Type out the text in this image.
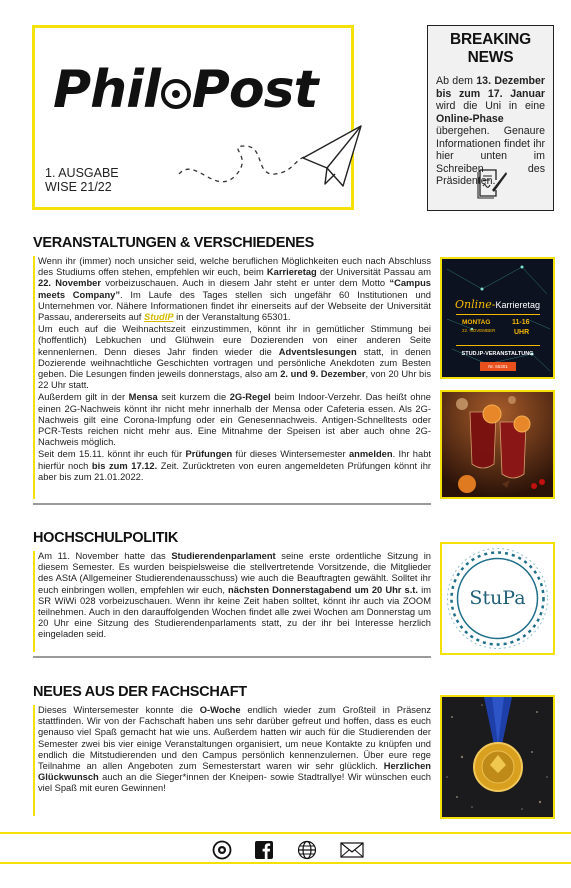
Phil Post
1. AUSGABE
WISE 21/22
BREAKING NEWS

Ab dem 13. Dezember bis zum 17. Januar wird die Uni in eine Online-Phase übergehen. Genaure Informationen findet ihr hier unten im Schreiben des Präsidenten.

VERANSTALTUNGEN & VERSCHIEDENES

Wenn ihr (immer) noch unsicher seid, welche beruflichen Möglichkeiten euch nach Abschluss des Studiums offen stehen, empfehlen wir euch, beim Karrieretag der Universität Passau am 22. November vorbeizuschauen. Auch in diesem Jahr steht er unter dem Motto “Campus meets Company”. Im Laufe des Tages stellen sich ungefähr 60 Institutionen und Unternehmen vor. Nähere Informationen findet ihr einerseits auf der Webseite der Universität Passau, andererseits auf StudIP in der Veranstaltung 65301.

Um euch auf die Weihnachtszeit einzustimmen, könnt ihr in gemütlicher Stimmung bei (hoffentlich) Lebkuchen und Glühwein eure Dozierenden von einer anderen Seite kennenlernen. Denn dieses Jahr finden wieder die Adventslesungen statt, in denen Dozierende weihnachtliche Geschichten vortragen und persönliche Anekdoten zum Besten geben. Die Lesungen finden jeweils donnerstags, also am 2. und 9. Dezember, von 20 Uhr bis 22 Uhr statt.

Außerdem gilt in der Mensa seit kurzem die 2G-Regel beim Indoor-Verzehr. Das heißt ohne einen 2G-Nachweis könnt ihr nicht mehr innerhalb der Mensa oder Cafeteria essen. Als 2G-Nachweis gilt eine Corona-Impfung oder ein Genesennachweis. Antigen-Schnelltests oder PCR-Tests reichen nicht mehr aus. Eine Mitnahme der Speisen ist aber auch ohne 2G-Nachweis möglich.

Seit dem 15.11. könnt ihr euch für Prüfungen für dieses Wintersemester anmelden. Ihr habt hierfür noch bis zum 17.12. Zeit. Zurücktreten von euren angemeldeten Prüfungen könnt ihr aber bis zum 21.01.2022.

Online-Karrieretag
MONTAG
22. NOVEMBER
11-16
UHR
STUD.IP-VERANSTALTUNG
Nr. 65301
HOCHSCHULPOLITIK

Am 11. November hatte das Studierendenparlament seine erste ordentliche Sitzung in diesem Semester. Es wurden beispielsweise die stellvertretende Vorsitzende, die Mitglieder des AStA (Allgemeiner Studierendenausschuss) wie auch die Beauftragten gewählt. Solltet ihr euch einbringen wollen, empfehlen wir euch, nächsten Donnerstagabend um 20 Uhr s.t. im SR WiWi 028 vorbeizuschauen. Wenn ihr keine Zeit haben solltet, könnt ihr auch via ZOOM teilnehmen. Auch in den darauffolgenden Wochen findet alle zwei Wochen am Donnerstag um 20 Uhr eine Sitzung des Studierendenparlaments statt, zu der ihr bei Interesse herzlich eingeladen seid.

StuPa
NEUES AUS DER FACHSCHAFT

Dieses Wintersemester konnte die O-Woche endlich wieder zum Großteil in Präsenz stattfinden. Wir von der Fachschaft haben uns sehr darüber gefreut und hoffen, dass es euch genauso viel Spaß gemacht hat wie uns. Außerdem hatten wir auch für die Studierenden der Semester zwei bis vier einige Veranstaltungen organisiert, um neue Kontakte zu knüpfen und endlich die Mitstudierenden und den Campus persönlich kennenzulernen. Über eure rege Teilnahme an allen Angeboten zum Semesterstart waren wir sehr glücklich. Herzlichen Glückwunsch auch an die Sieger*innen der Kneipen- sowie Stadtrallye! Wir wünschen euch viel Spaß mit euren Gewinnen!
